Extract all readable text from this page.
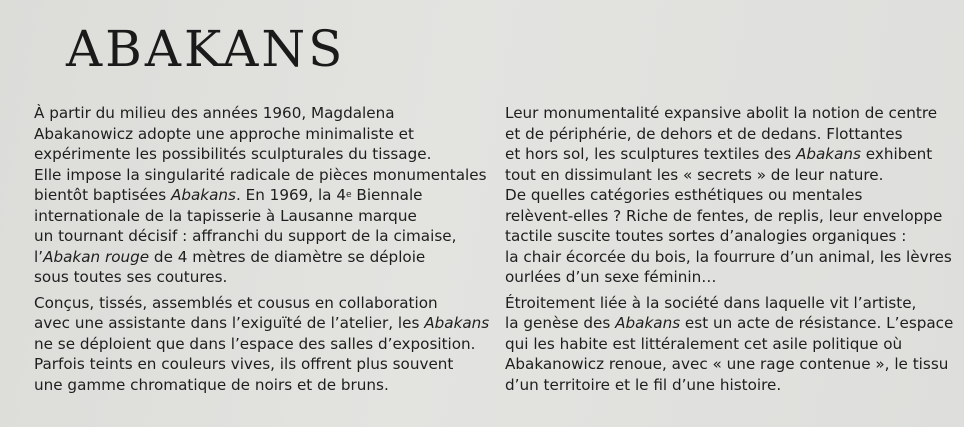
ABAKANS

À partir du milieu des années 1960, Magdalena
Abakanowicz adopte une approche minimaliste et
expérimente les possibilités sculpturales du tissage.
Elle impose la singularité radicale de pièces monumentales
bientôt baptisées Abakans. En 1969, la 4e Biennale
internationale de la tapisserie à Lausanne marque
un tournant décisif : affranchi du support de la cimaise,
l’Abakan rouge de 4 mètres de diamètre se déploie
sous toutes ses coutures.

Conçus, tissés, assemblés et cousus en collaboration
avec une assistante dans l’exiguïté de l’atelier, les Abakans
ne se déploient que dans l’espace des salles d’exposition.
Parfois teints en couleurs vives, ils offrent plus souvent
une gamme chromatique de noirs et de bruns.

Leur monumentalité expansive abolit la notion de centre
et de périphérie, de dehors et de dedans. Flottantes
et hors sol, les sculptures textiles des Abakans exhibent
tout en dissimulant les « secrets » de leur nature.
De quelles catégories esthétiques ou mentales
relèvent-elles ? Riche de fentes, de replis, leur enveloppe
tactile suscite toutes sortes d’analogies organiques :
la chair écorcée du bois, la fourrure d’un animal, les lèvres
ourlées d’un sexe féminin…

Étroitement liée à la société dans laquelle vit l’artiste,
la genèse des Abakans est un acte de résistance. L’espace
qui les habite est littéralement cet asile politique où
Abakanowicz renoue, avec « une rage contenue », le tissu
d’un territoire et le fil d’une histoire.
